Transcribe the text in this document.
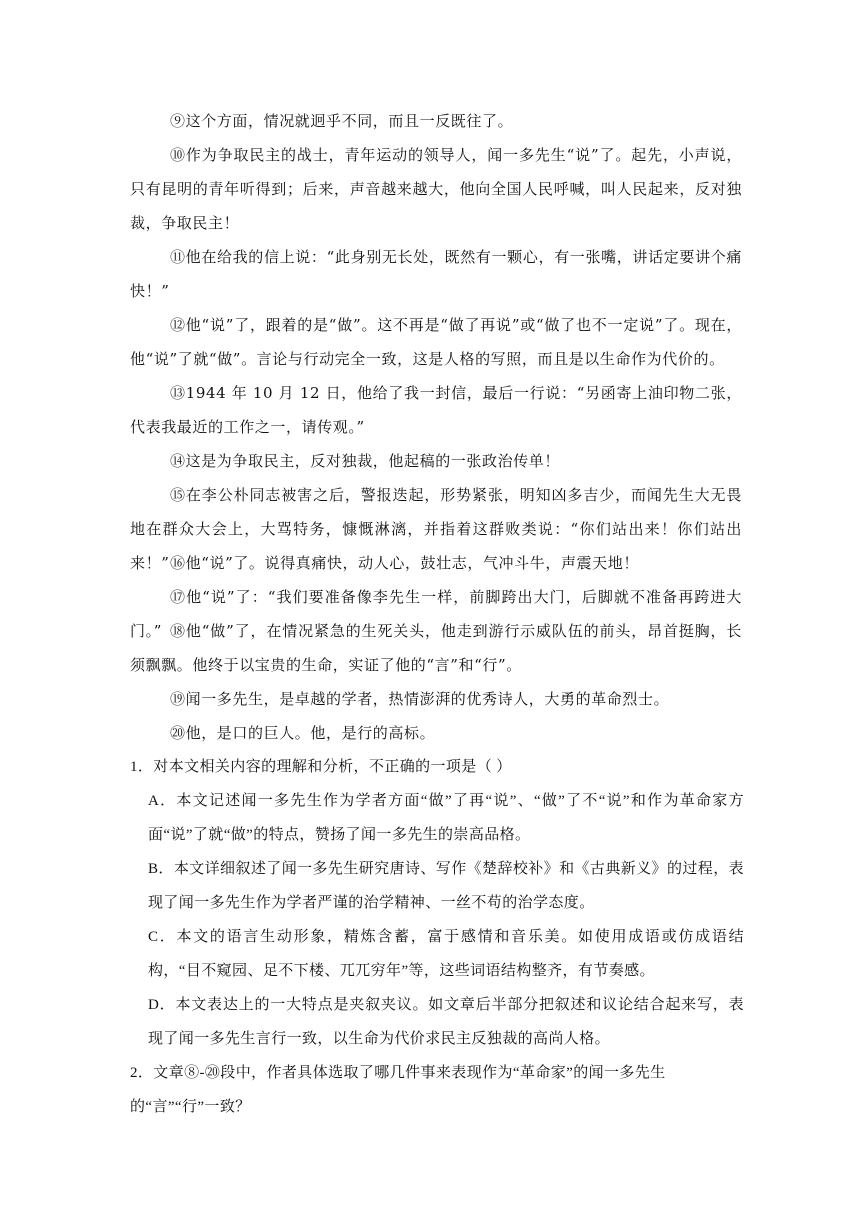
⑨这个方面，情况就迥乎不同，而且一反既往了。

⑩作为争取民主的战士，青年运动的领导人，闻一多先生“说”了。起先，小声说，只有昆明的青年听得到；后来，声音越来越大，他向全国人民呼喊，叫人民起来，反对独裁，争取民主！

⑪他在给我的信上说：“此身别无长处，既然有一颗心，有一张嘴，讲话定要讲个痛快！”

⑫他“说”了，跟着的是“做”。这不再是“做了再说”或“做了也不一定说”了。现在，他“说”了就“做”。言论与行动完全一致，这是人格的写照，而且是以生命作为代价的。

⑬1944 年 10 月 12 日，他给了我一封信，最后一行说：“另函寄上油印物二张，代表我最近的工作之一，请传观。”

⑭这是为争取民主，反对独裁，他起稿的一张政治传单！

⑮在李公朴同志被害之后，警报迭起，形势紧张，明知凶多吉少，而闻先生大无畏地在群众大会上，大骂特务，慷慨淋漓，并指着这群败类说：“你们站出来！你们站出来！” ⑯他“说”了。说得真痛快，动人心，鼓壮志，气冲斗牛，声震天地！

⑰他“说”了：“我们要准备像李先生一样，前脚跨出大门，后脚就不准备再跨进大门。” ⑱他“做”了，在情况紧急的生死关头，他走到游行示威队伍的前头，昂首挺胸，长须飘飘。他终于以宝贵的生命，实证了他的“言”和“行”。

⑲闻一多先生，是卓越的学者，热情澎湃的优秀诗人，大勇的革命烈士。

⑳他，是口的巨人。他，是行的高标。

1．对本文相关内容的理解和分析，不正确的一项是（ ）

A．本文记述闻一多先生作为学者方面“做”了再“说”、“做”了不“说”和作为革命家方面“说”了就“做”的特点，赞扬了闻一多先生的崇高品格。

B．本文详细叙述了闻一多先生研究唐诗、写作《楚辞校补》和《古典新义》的过程，表现了闻一多先生作为学者严谨的治学精神、一丝不苟的治学态度。

C．本文的语言生动形象，精炼含蓄，富于感情和音乐美。如使用成语或仿成语结构，“目不窥园、足不下楼、兀兀穷年”等，这些词语结构整齐，有节奏感。

D．本文表达上的一大特点是夹叙夹议。如文章后半部分把叙述和议论结合起来写，表现了闻一多先生言行一致，以生命为代价求民主反独裁的高尚人格。

2．文章⑧-⑳段中，作者具体选取了哪几件事来表现作为“革命家”的闻一多先生的“言”“行”一致？
